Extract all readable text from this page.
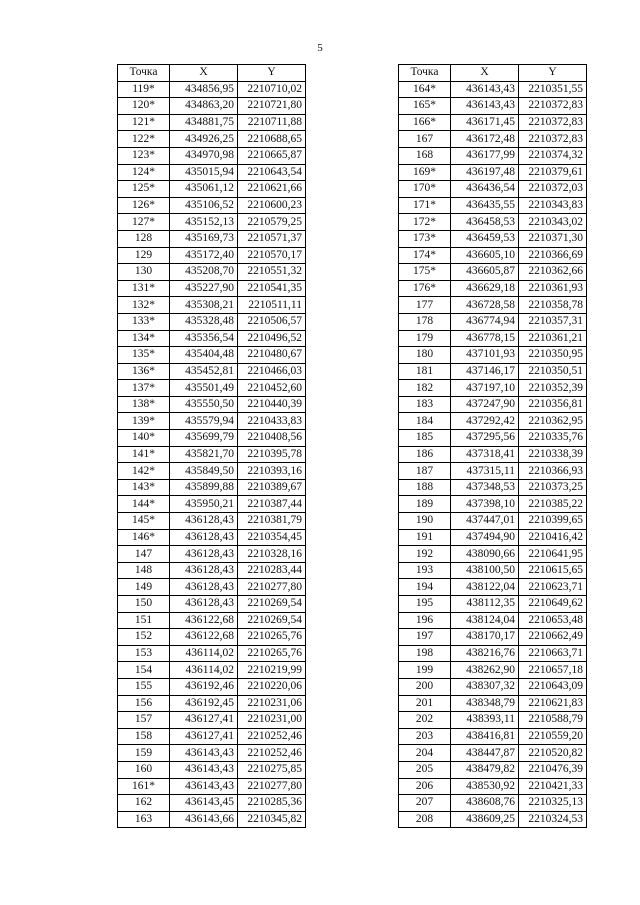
5
Точка	X	Y
119*	434856,95	2210710,02
120*	434863,20	2210721,80
121*	434881,75	2210711,88
122*	434926,25	2210688,65
123*	434970,98	2210665,87
124*	435015,94	2210643,54
125*	435061,12	2210621,66
126*	435106,52	2210600,23
127*	435152,13	2210579,25
128	435169,73	2210571,37
129	435172,40	2210570,17
130	435208,70	2210551,32
131*	435227,90	2210541,35
132*	435308,21	2210511,11
133*	435328,48	2210506,57
134*	435356,54	2210496,52
135*	435404,48	2210480,67
136*	435452,81	2210466,03
137*	435501,49	2210452,60
138*	435550,50	2210440,39
139*	435579,94	2210433,83
140*	435699,79	2210408,56
141*	435821,70	2210395,78
142*	435849,50	2210393,16
143*	435899,88	2210389,67
144*	435950,21	2210387,44
145*	436128,43	2210381,79
146*	436128,43	2210354,45
147	436128,43	2210328,16
148	436128,43	2210283,44
149	436128,43	2210277,80
150	436128,43	2210269,54
151	436122,68	2210269,54
152	436122,68	2210265,76
153	436114,02	2210265,76
154	436114,02	2210219,99
155	436192,46	2210220,06
156	436192,45	2210231,06
157	436127,41	2210231,00
158	436127,41	2210252,46
159	436143,43	2210252,46
160	436143,43	2210275,85
161*	436143,43	2210277,80
162	436143,45	2210285,36
163	436143,66	2210345,82
Точка	X	Y
164*	436143,43	2210351,55
165*	436143,43	2210372,83
166*	436171,45	2210372,83
167	436172,48	2210372,83
168	436177,99	2210374,32
169*	436197,48	2210379,61
170*	436436,54	2210372,03
171*	436435,55	2210343,83
172*	436458,53	2210343,02
173*	436459,53	2210371,30
174*	436605,10	2210366,69
175*	436605,87	2210362,66
176*	436629,18	2210361,93
177	436728,58	2210358,78
178	436774,94	2210357,31
179	436778,15	2210361,21
180	437101,93	2210350,95
181	437146,17	2210350,51
182	437197,10	2210352,39
183	437247,90	2210356,81
184	437292,42	2210362,95
185	437295,56	2210335,76
186	437318,41	2210338,39
187	437315,11	2210366,93
188	437348,53	2210373,25
189	437398,10	2210385,22
190	437447,01	2210399,65
191	437494,90	2210416,42
192	438090,66	2210641,95
193	438100,50	2210615,65
194	438122,04	2210623,71
195	438112,35	2210649,62
196	438124,04	2210653,48
197	438170,17	2210662,49
198	438216,76	2210663,71
199	438262,90	2210657,18
200	438307,32	2210643,09
201	438348,79	2210621,83
202	438393,11	2210588,79
203	438416,81	2210559,20
204	438447,87	2210520,82
205	438479,82	2210476,39
206	438530,92	2210421,33
207	438608,76	2210325,13
208	438609,25	2210324,53
